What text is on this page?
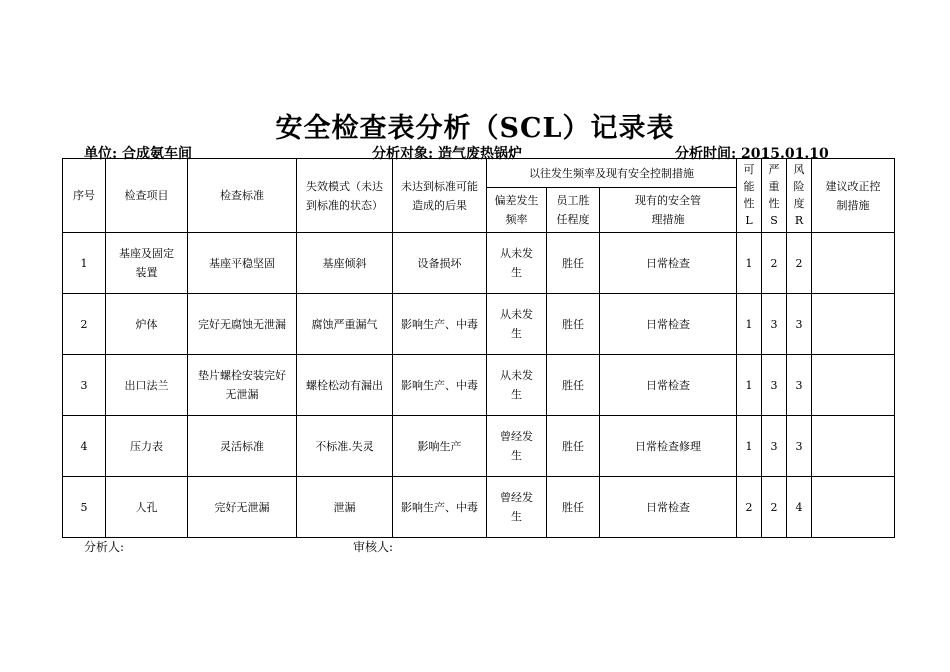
安全检查表分析（SCL）记录表
单位: 合成氨车间	分析对象: 造气废热锅炉	分析时间: 2015.01.10
序号	检查项目	检查标准	失效模式（未达到标准的状态）	未达到标准可能造成的后果	以往发生频率及现有安全控制措施			可能性L	严重性S	风险度R	建议改正控制措施
					偏差发生频率	员工胜任程度	现有的安全管理措施				
1	基座及固定装置	基座平稳坚固	基座倾斜	设备损坏	从未发生	胜任	日常检查	1	2	2	
2	炉体	完好无腐蚀无泄漏	腐蚀严重漏气	影响生产、中毒	从未发生	胜任	日常检查	1	3	3	
3	出口法兰	垫片螺栓安装完好无泄漏	螺栓松动有漏出	影响生产、中毒	从未发生	胜任	日常检查	1	3	3	
4	压力表	灵活标准	不标准.失灵	影响生产	曾经发生	胜任	日常检查修理	1	3	3	
5	人孔	完好无泄漏	泄漏	影响生产、中毒	曾经发生	胜任	日常检查	2	2	4	
分析人:	审核人:
